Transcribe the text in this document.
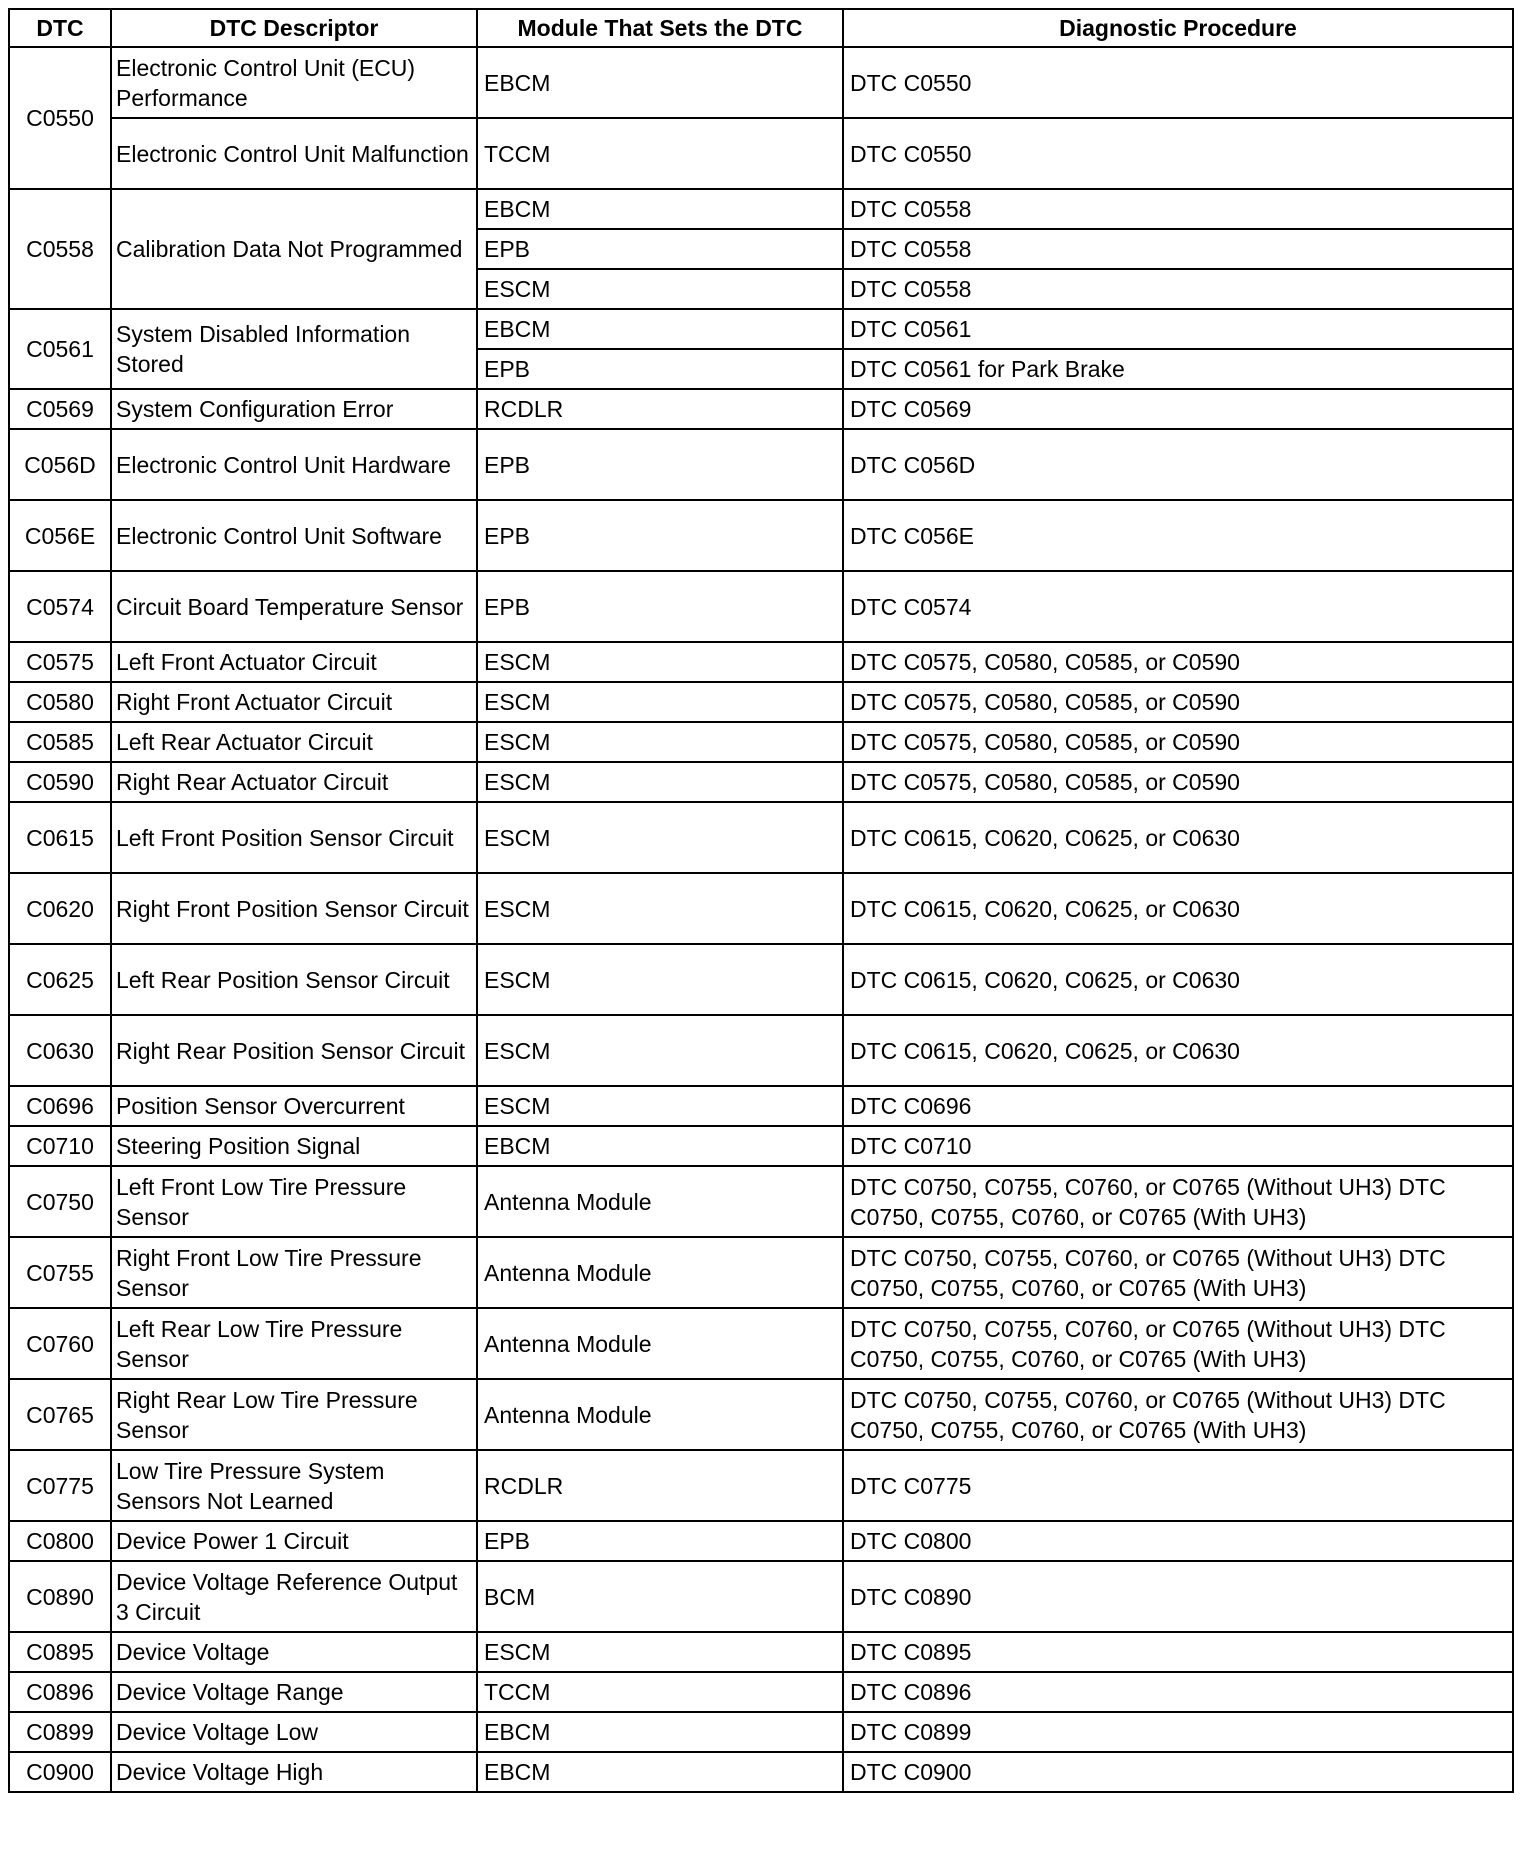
DTC	DTC Descriptor	Module That Sets the DTC	Diagnostic Procedure
C0550	Electronic Control Unit (ECU) Performance	EBCM	DTC C0550
	Electronic Control Unit Malfunction	TCCM	DTC C0550
C0558	Calibration Data Not Programmed	EBCM	DTC C0558
		EPB	DTC C0558
		ESCM	DTC C0558
C0561	System Disabled Information Stored	EBCM	DTC C0561
		EPB	DTC C0561 for Park Brake
C0569	System Configuration Error	RCDLR	DTC C0569
C056D	Electronic Control Unit Hardware	EPB	DTC C056D
C056E	Electronic Control Unit Software	EPB	DTC C056E
C0574	Circuit Board Temperature Sensor	EPB	DTC C0574
C0575	Left Front Actuator Circuit	ESCM	DTC C0575, C0580, C0585, or C0590
C0580	Right Front Actuator Circuit	ESCM	DTC C0575, C0580, C0585, or C0590
C0585	Left Rear Actuator Circuit	ESCM	DTC C0575, C0580, C0585, or C0590
C0590	Right Rear Actuator Circuit	ESCM	DTC C0575, C0580, C0585, or C0590
C0615	Left Front Position Sensor Circuit	ESCM	DTC C0615, C0620, C0625, or C0630
C0620	Right Front Position Sensor Circuit	ESCM	DTC C0615, C0620, C0625, or C0630
C0625	Left Rear Position Sensor Circuit	ESCM	DTC C0615, C0620, C0625, or C0630
C0630	Right Rear Position Sensor Circuit	ESCM	DTC C0615, C0620, C0625, or C0630
C0696	Position Sensor Overcurrent	ESCM	DTC C0696
C0710	Steering Position Signal	EBCM	DTC C0710
C0750	Left Front Low Tire Pressure Sensor	Antenna Module	DTC C0750, C0755, C0760, or C0765 (Without UH3) DTC C0750, C0755, C0760, or C0765 (With UH3)
C0755	Right Front Low Tire Pressure Sensor	Antenna Module	DTC C0750, C0755, C0760, or C0765 (Without UH3) DTC C0750, C0755, C0760, or C0765 (With UH3)
C0760	Left Rear Low Tire Pressure Sensor	Antenna Module	DTC C0750, C0755, C0760, or C0765 (Without UH3) DTC C0750, C0755, C0760, or C0765 (With UH3)
C0765	Right Rear Low Tire Pressure Sensor	Antenna Module	DTC C0750, C0755, C0760, or C0765 (Without UH3) DTC C0750, C0755, C0760, or C0765 (With UH3)
C0775	Low Tire Pressure System Sensors Not Learned	RCDLR	DTC C0775
C0800	Device Power 1 Circuit	EPB	DTC C0800
C0890	Device Voltage Reference Output 3 Circuit	BCM	DTC C0890
C0895	Device Voltage	ESCM	DTC C0895
C0896	Device Voltage Range	TCCM	DTC C0896
C0899	Device Voltage Low	EBCM	DTC C0899
C0900	Device Voltage High	EBCM	DTC C0900
